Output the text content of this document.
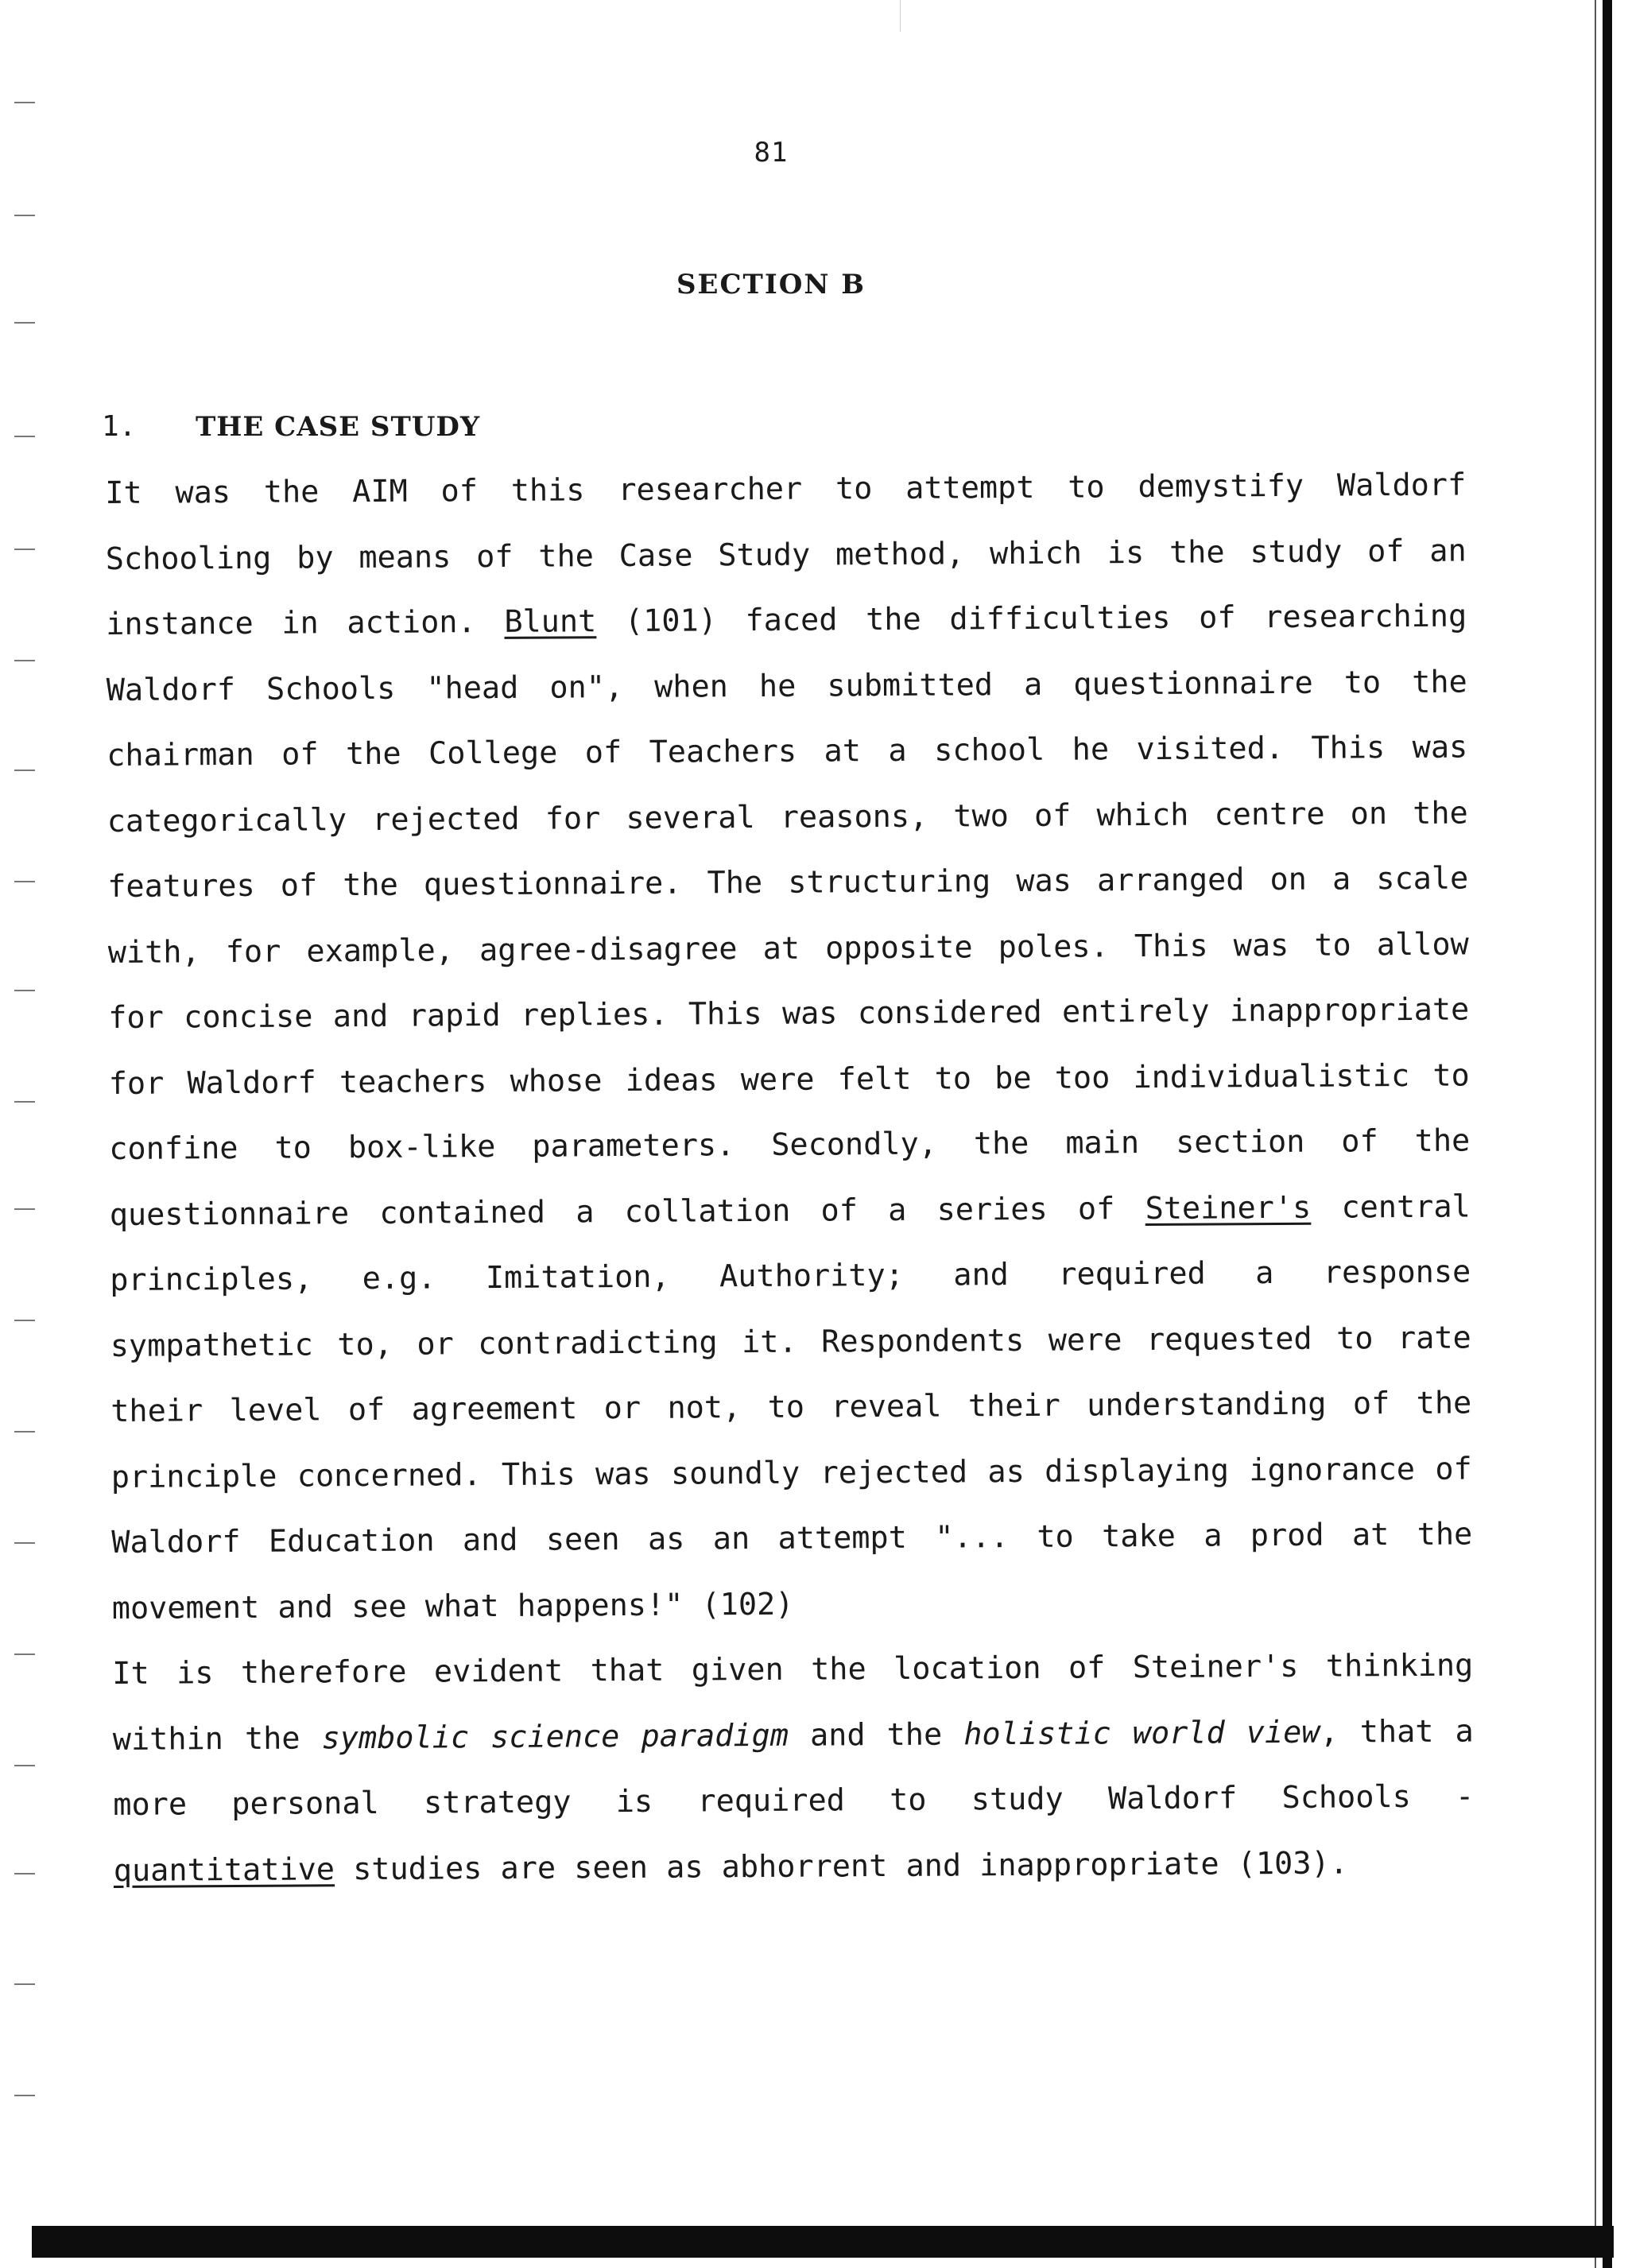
81
SECTION B
1. THE CASE STUDY

It was the AIM of this researcher to attempt to demystify Waldorf Schooling by means of the Case Study method, which is the study of an instance in action. Blunt (101) faced the difficulties of researching Waldorf Schools "head on", when he submitted a questionnaire to the chairman of the College of Teachers at a school he visited. This was categorically rejected for several reasons, two of which centre on the features of the questionnaire. The structuring was arranged on a scale with, for example, agree-disagree at opposite poles. This was to allow for concise and rapid replies. This was considered entirely inappropriate for Waldorf teachers whose ideas were felt to be too individualistic to confine to box-like parameters. Secondly, the main section of the questionnaire contained a collation of a series of Steiner's central principles, e.g. Imitation, Authority; and required a response sympathetic to, or contradicting it. Respondents were requested to rate their level of agreement or not, to reveal their understanding of the principle concerned. This was soundly rejected as displaying ignorance of Waldorf Education and seen as an attempt "... to take a prod at the movement and see what happens!" (102)

It is therefore evident that given the location of Steiner's thinking within the symbolic science paradigm and the holistic world view, that a more personal strategy is required to study Waldorf Schools - quantitative studies are seen as abhorrent and inappropriate (103).
